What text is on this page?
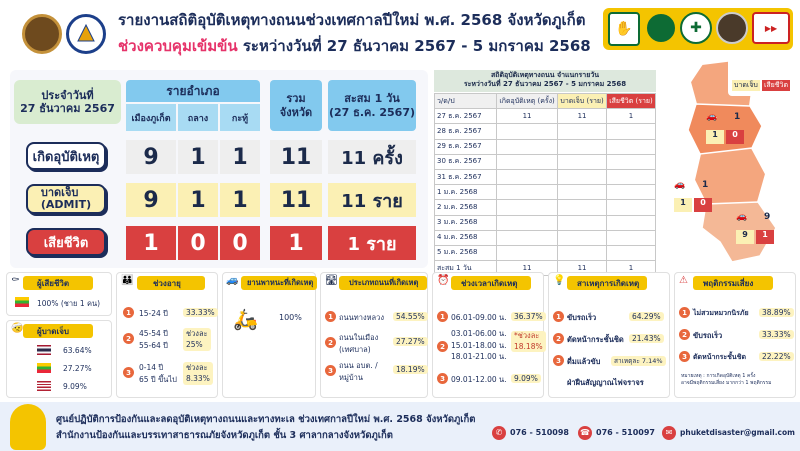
รายงานสถิติอุบัติเหตุทางถนนช่วงเทศกาลปีใหม่ พ.ศ. 2568 จังหวัดภูเก็ต
ช่วงควบคุมเข้มข้น ระหว่างวันที่ 27 ธันวาคม 2567 - 5 มกราคม 2568
✋	✚	▶▶
ประจำวันที่
27 ธันวาคม 2567
รายอำเภอ
เมืองภูเก็ต	ถลาง	กะทู้
รวม
จังหวัด
สะสม 1 วัน
(27 ธ.ค. 2567)
เกิดอุบัติเหตุ	9	1	1	11	11 ครั้ง
บาดเจ็บ
(ADMIT)	9	1	1	11	11 ราย
เสียชีวิต	1	0	0	1	1 ราย
สถิติอุบัติเหตุทางถนน จำแนกรายวัน
ระหว่างวันที่ 27 ธันวาคม 2567 - 5 มกราคม 2568
ว/ด/ป	เกิดอุบัติเหตุ (ครั้ง)	บาดเจ็บ (ราย)	เสียชีวิต (ราย)
27 ธ.ค. 2567	11	11	1
28 ธ.ค. 2567			
29 ธ.ค. 2567			
30 ธ.ค. 2567			
31 ธ.ค. 2567			
1 ม.ค. 2568			
2 ม.ค. 2568			
3 ม.ค. 2568			
4 ม.ค. 2568			
5 ม.ค. 2568			
สะสม 1 วัน	11	11	1
บาดเจ็บ เสียชีวิต
🚗 1
1	0
🚗 1
1	0
🚗 9
9	1
ผู้เสียชีวิต
⚰
100% (ชาย 1 คน)
ผู้บาดเจ็บ
🤕
63.64%
27.27%
9.09%
👪 ช่วงอายุ
1	15-24 ปี	33.33%
2
45-54 ปี
55-64 ปี
ช่วงละ
25%
3
0-14 ปี
65 ปี ขึ้นไป
ช่วงละ
8.33%
🚙 ยานพาหนะที่เกิดเหตุ
🛵	100%
🛣 ประเภทถนนที่เกิดเหตุ
1 ถนนทางหลวง	54.55%
2
ถนนในเมือง
(เทศบาล)
27.27%
3
ถนน อบต. /
หมู่บ้าน
18.19%
⏰ ช่วงเวลาเกิดเหตุ
1 06.01-09.00 น. 36.37%
2
03.01-06.00 น.
15.01-18.00 น.
18.01-21.00 น.
*ช่วงละ
18.18%
3 09.01-12.00 น. 9.09%
💡 สาเหตุการเกิดเหตุ
1 ขับรถเร็ว	64.29%
2 ตัดหน้ากระชั้นชิด	21.43%
3 ดื่มแล้วขับ	สาเหตุละ 7.14%
ฝ่าฝืนสัญญาณไฟจราจร
⚠ พฤติกรรมเสี่ยง
1 ไม่สวมหมวกนิรภัย	38.89%
2 ขับรถเร็ว	33.33%
3 ตัดหน้ากระชั้นชิด	22.22%
หมายเหตุ : การเกิดอุบัติเหตุ 1 ครั้ง
อาจมีพฤติกรรมเสี่ยง มากกว่า 1 พฤติกรรม
ศูนย์ปฏิบัติการป้องกันและลดอุบัติเหตุทางถนนและทางทะเล ช่วงเทศกาลปีใหม่ พ.ศ. 2568 จังหวัดภูเก็ต
สำนักงานป้องกันและบรรเทาสาธารณภัยจังหวัดภูเก็ต ชั้น 3 ศาลากลางจังหวัดภูเก็ต	✆ 076 - 510098 ☎ 076 - 510097	✉	phuketdisaster@gmail.com
